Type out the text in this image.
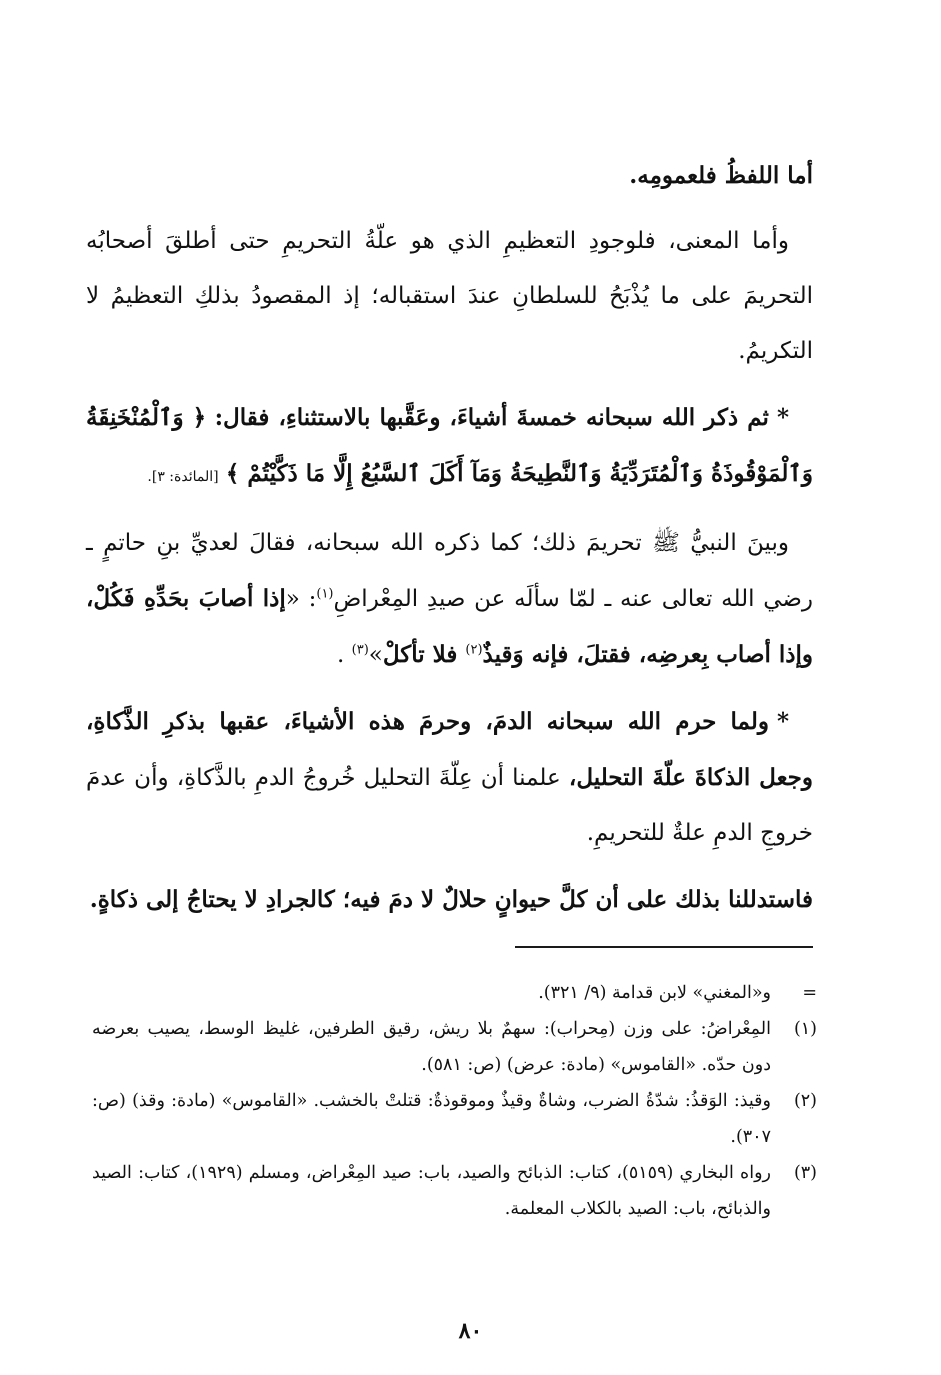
أما اللفظُ فلعمومِه.

وأما المعنى، فلوجودِ التعظيمِ الذي هو علّةُ التحريمِ حتى أطلقَ أصحابُه التحريمَ على ما يُذْبَحُ للسلطانِ عندَ استقباله؛ إذ المقصودُ بذلكِ التعظيمُ لا التكريمُ.

*ثم ذكر الله سبحانه خمسةَ أشياءَ، وعَقَّبها بالاستثناءِ، فقال: ﴿ وَٱلْمُنْخَنِقَةُ وَٱلْمَوْقُوذَةُ وَٱلْمُتَرَدِّيَةُ وَٱلنَّطِيحَةُ وَمَآ أَكَلَ ٱلسَّبُعُ إِلَّا مَا ذَكَّيْتُمْ ﴾ [المائدة: ٣].

وبينَ النبيُّ ﷺ تحريمَ ذلك؛ كما ذكره الله سبحانه، فقالَ لعديِّ بنِ حاتمٍ ـ رضي الله تعالى عنه ـ لمّا سألَه عن صيدِ المِعْراضِ$^{(١)}$: «إذا أصابَ بحَدِّهِ فَكُلْ، وإذا أصاب بِعرضِه، فقتلَ، فإنه وَقيذٌ$^{(٢)}$ فلا تأكلْ»$^{(٣)}$ .

*ولما حرم الله سبحانه الدمَ، وحرمَ هذه الأشياءَ، عقبها بذكرِ الذَّكاةِ، وجعل الذكاةَ علّةَ التحليل، علمنا أن عِلّةَ التحليل خُروجُ الدمِ بالذَّكاةِ، وأن عدمَ خروجِ الدمِ علةٌ للتحريمِ.

فاستدللنا بذلك على أن كلَّ حيوانٍ حلالٌ لا دمَ فيه؛ كالجرادِ لا يحتاجُ إلى ذكاةٍ.

=
و«المغني» لابن قدامة (٩/ ٣٢١).
(١)
المِعْراضُ: على وزن (مِحراب): سهمٌ بلا ريش، رقيق الطرفين، غليظ الوسط، يصيب بعرضه دون حدّه. «القاموس» (مادة: عرض) (ص: ٥٨١).
(٢)
وقيذ: الوَقذُ: شدّةُ الضرب، وشاةٌ وقيذٌ وموقوذةٌ: قتلتْ بالخشب. «القاموس» (مادة: وقذ) (ص: ٣٠٧).
(٣)
رواه البخاري (٥١٥٩)، كتاب: الذبائح والصيد، باب: صيد المِعْراض، ومسلم (١٩٢٩)، كتاب: الصيد والذبائح، باب: الصيد بالكلاب المعلمة.
٨٠
